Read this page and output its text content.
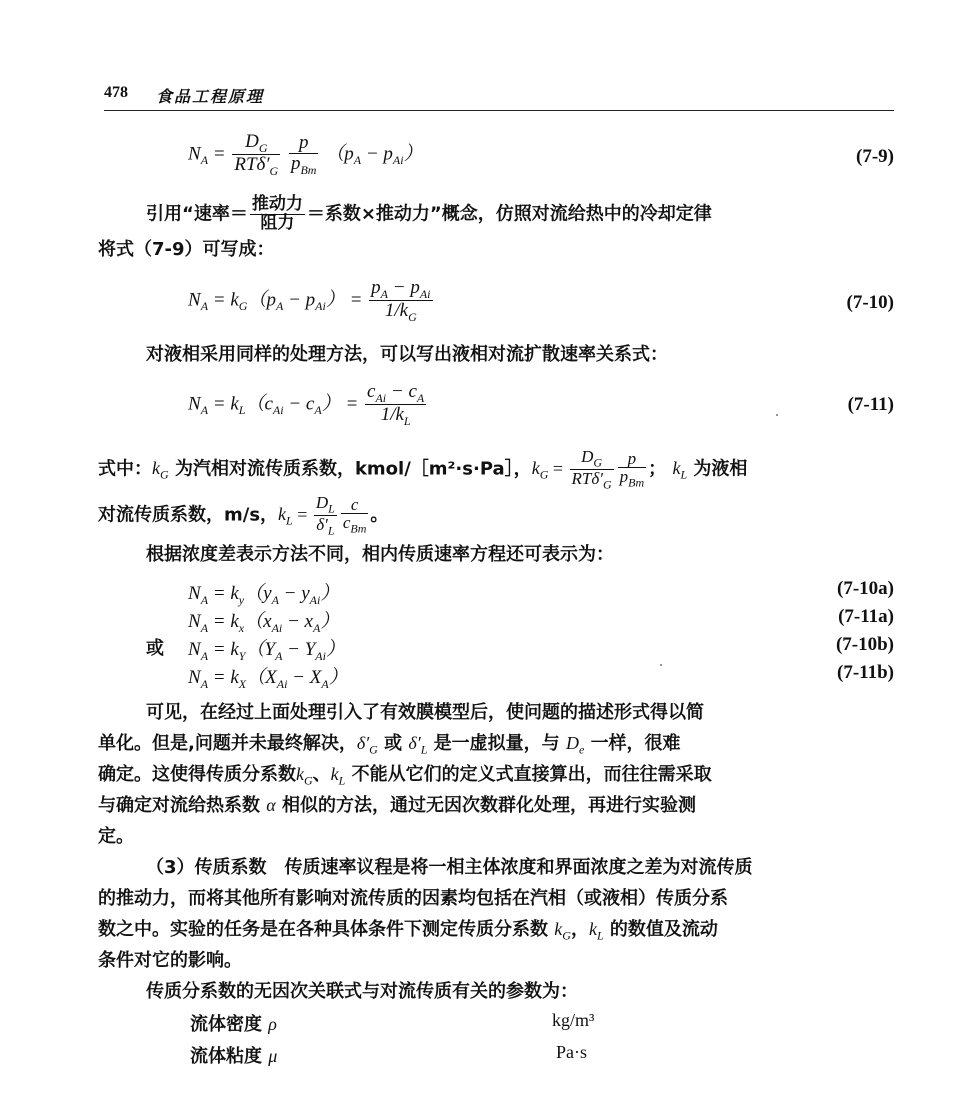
478 食品工程原理
$N_A = \frac{D_G}{RT\delta'_G}$
$\frac{p}{p_{Bm}} (p_A - p_{Ai})$	(7-9)
引用“速率＝ $\frac{\text{推动力}}{\text{阻力}}$ ＝系数×推动力”概念，仿照对流给热中的冷却定律
将式（7-9）可写成：
$N_A = k_G(p_A - p_{Ai}) = \frac{p_A - p_{Ai}}{1/k_G}$	(7-10)
对液相采用同样的处理方法，可以写出液相对流扩散速率关系式：
$N_A = k_L(c_{Ai} - c_A) = \frac{c_{Ai} - c_A}{1/k_L}$	(7-11)
式中：$k_G$ 为汽相对流传质系数，kmol/［m²·s·Pa］，$k_G = \frac{D_G}{RT\delta'_G} \frac{p}{p_{Bm}}$ ； $k_L$ 为液相
对流传质系数，m/s，$k_L = \frac{D_L}{\delta'_L} \frac{c}{c_{Bm}}$ 。
根据浓度差表示方法不同，相内传质速率方程还可表示为：
$N_A = k_y(y_A - y_{Ai})$	(7-10a)
$N_A = k_x(x_{Ai} - x_A)$	(7-11a)
或 $N_A = k_Y(Y_A - Y_{Ai})$	(7-10b)
$N_A = k_X(X_{Ai} - X_A)$	(7-11b)
可见，在经过上面处理引入了有效膜模型后，使问题的描述形式得以简
单化。但是,问题并未最终解决，$\delta'_G$ 或 $\delta'_L$ 是一虚拟量，与 $D_e$ 一样，很难
确定。这使得传质分系数$k_G$、$k_L$ 不能从它们的定义式直接算出，而往往需采取
与确定对流给热系数 α 相似的方法，通过无因次数群化处理，再进行实验测
定。
（3）传质系数　传质速率议程是将一相主体浓度和界面浓度之差为对流传质
的推动力，而将其他所有影响对流传质的因素均包括在汽相（或液相）传质分系
数之中。实验的任务是在各种具体条件下测定传质分系数 $k_G$，$k_L$ 的数值及流动
条件对它的影响。
传质分系数的无因次关联式与对流传质有关的参数为：
流体密度 ρ	kg/m³
流体粘度 μ	Pa·s
